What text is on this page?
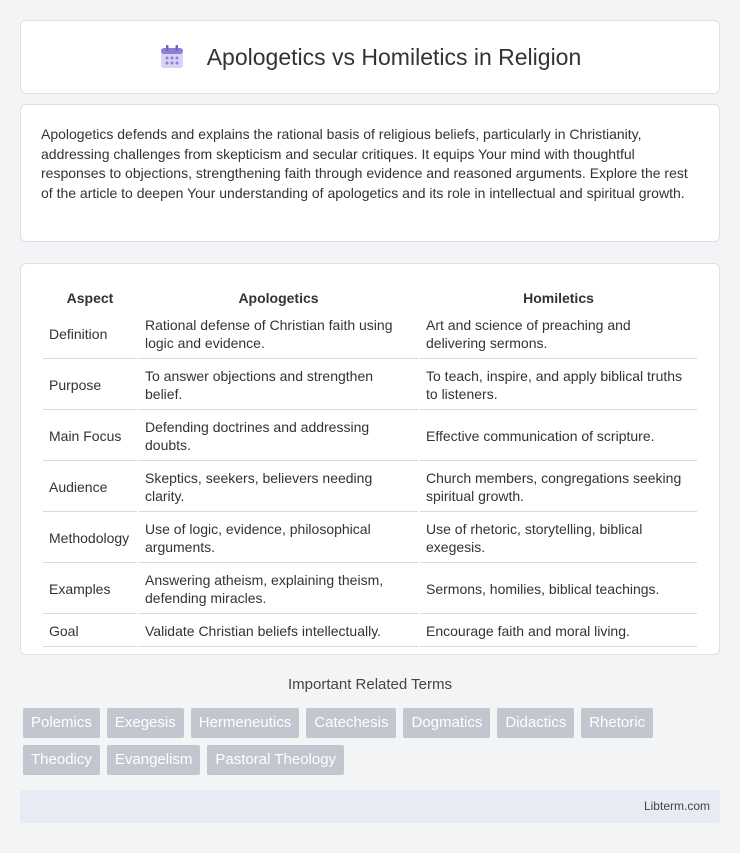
Apologetics vs Homiletics in Religion

Apologetics defends and explains the rational basis of religious beliefs, particularly in Christianity, addressing challenges from skepticism and secular critiques. It equips Your mind with thoughtful responses to objections, strengthening faith through evidence and reasoned arguments. Explore the rest of the article to deepen Your understanding of apologetics and its role in intellectual and spiritual growth.

Aspect	Apologetics	Homiletics
Definition	Rational defense of Christian faith using logic and evidence.	Art and science of preaching and delivering sermons.
Purpose	To answer objections and strengthen belief.	To teach, inspire, and apply biblical truths to listeners.
Main Focus	Defending doctrines and addressing doubts.	Effective communication of scripture.
Audience	Skeptics, seekers, believers needing clarity.	Church members, congregations seeking spiritual growth.
Methodology	Use of logic, evidence, philosophical arguments.	Use of rhetoric, storytelling, biblical exegesis.
Examples	Answering atheism, explaining theism, defending miracles.	Sermons, homilies, biblical teachings.
Goal	Validate Christian beliefs intellectually.	Encourage faith and moral living.
Important Related Terms
Polemics	Exegesis	Hermeneutics	Catechesis	Dogmatics	Didactics	Rhetoric
Theodicy	Evangelism	Pastoral Theology
Libterm.com
